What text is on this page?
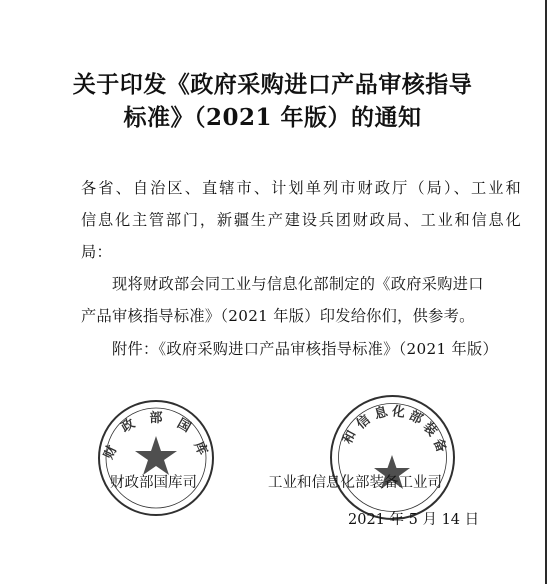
关于印发《政府采购进口产品审核指导
标准》（2021 年版）的通知
各省、自治区、直辖市、计划单列市财政厅（局）、工业和
信息化主管部门，新疆生产建设兵团财政局、工业和信息化
局：
现将财政部会同工业与信息化部制定的《政府采购进口
产品审核指导标准》（2021 年版）印发给你们，供参考。
附件：《政府采购进口产品审核指导标准》（2021 年版）
部 国
政
库
财
信 息 化 部
装
备
和
财政部国库司	工业和信息化部装备工业司
2021 年 5 月 14 日
